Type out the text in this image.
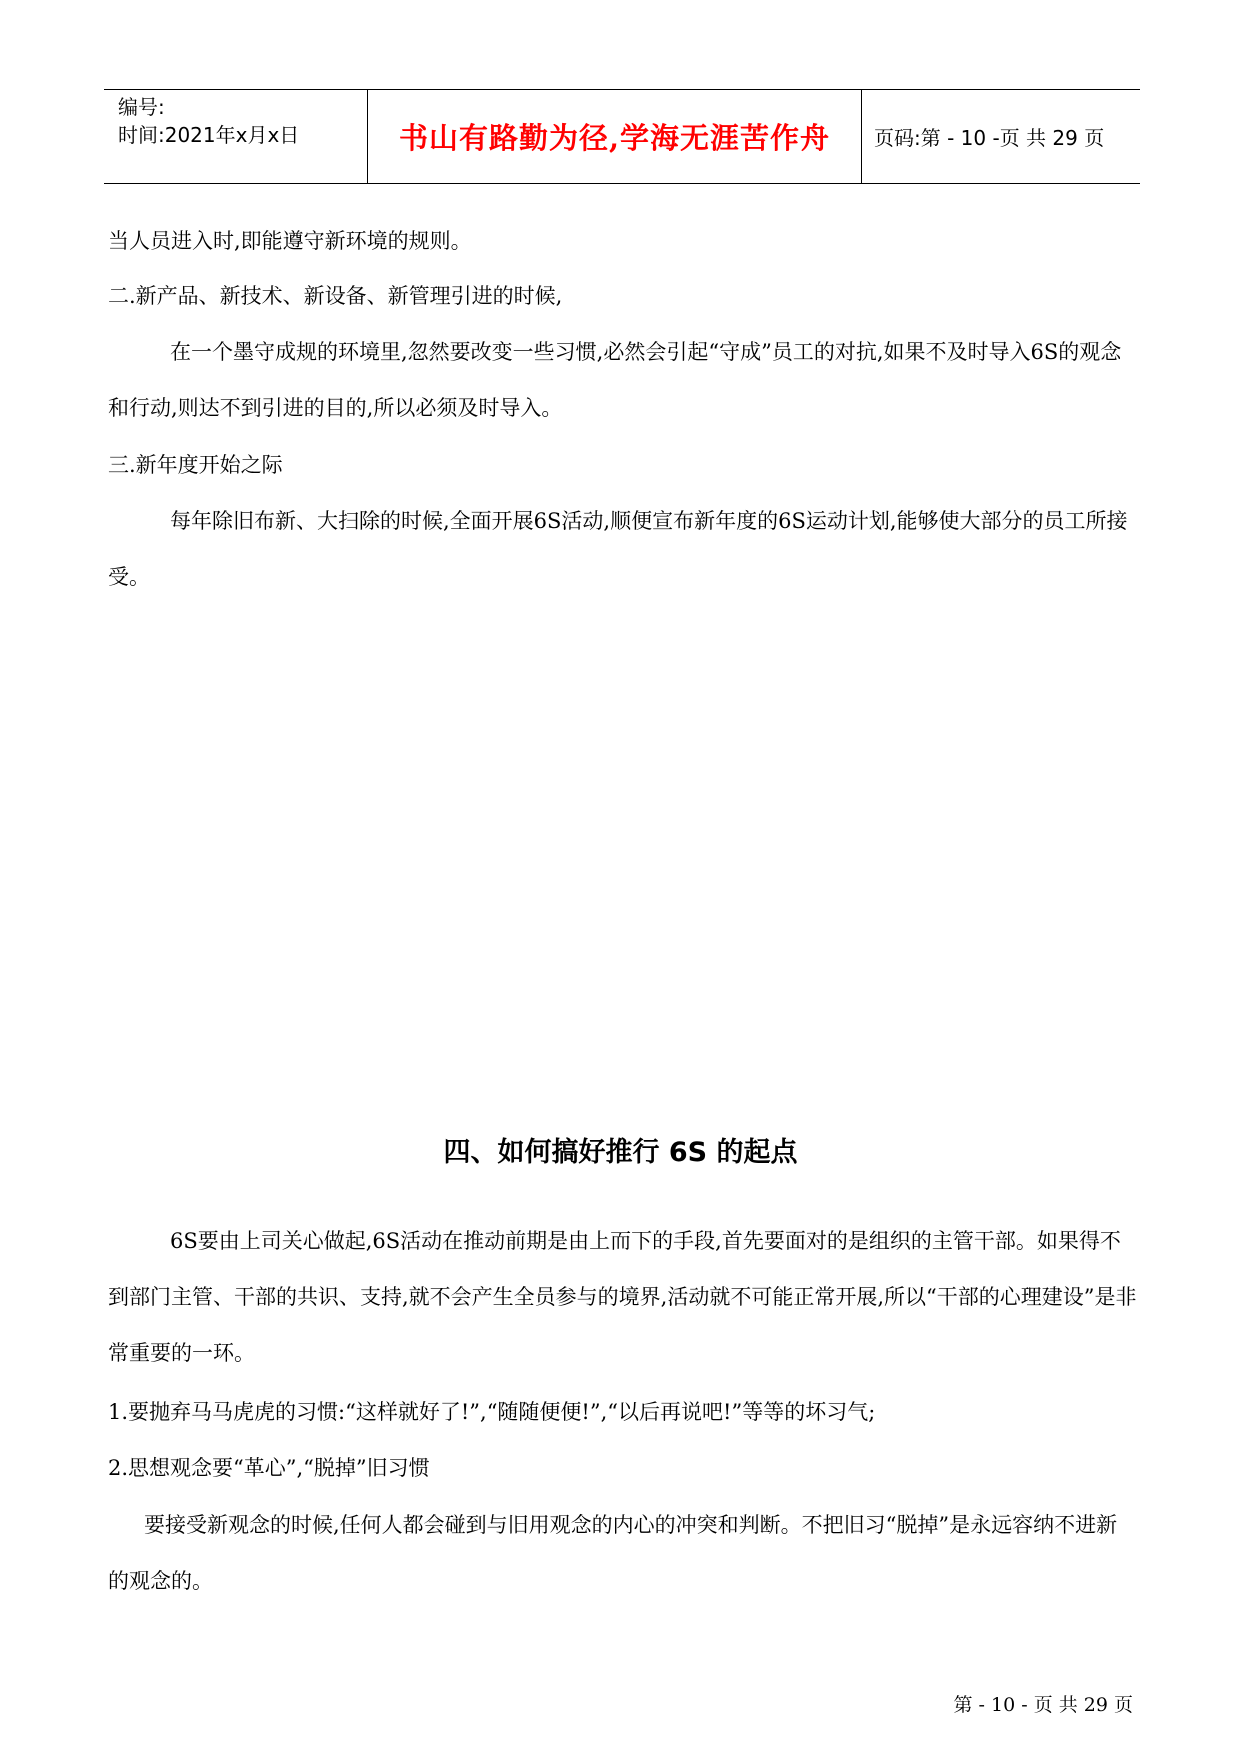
编号:
时间:2021年x月x日	书山有路勤为径,学海无涯苦作舟 页码:第 - 10 -页 共 29 页

当人员进入时,即能遵守新环境的规则。

二.新产品、新技术、新设备、新管理引进的时候,

在一个墨守成规的环境里,忽然要改变一些习惯,必然会引起“守成”员工的对抗,如果不及时导入6S的观念和行动,则达不到引进的目的,所以必须及时导入。

三.新年度开始之际

每年除旧布新、大扫除的时候,全面开展6S活动,顺便宣布新年度的6S运动计划,能够使大部分的员工所接受。

四、如何搞好推行 6S 的起点

6S要由上司关心做起,6S活动在推动前期是由上而下的手段,首先要面对的是组织的主管干部。如果得不到部门主管、干部的共识、支持,就不会产生全员参与的境界,活动就不可能正常开展,所以“干部的心理建设”是非常重要的一环。

1.要抛弃马马虎虎的习惯:“这样就好了!”,“随随便便!”,“以后再说吧!”等等的坏习气;

2.思想观念要“革心”,“脱掉”旧习惯

要接受新观念的时候,任何人都会碰到与旧用观念的内心的冲突和判断。不把旧习“脱掉”是永远容纳不进新的观念的。

第 - 10 - 页 共 29 页
